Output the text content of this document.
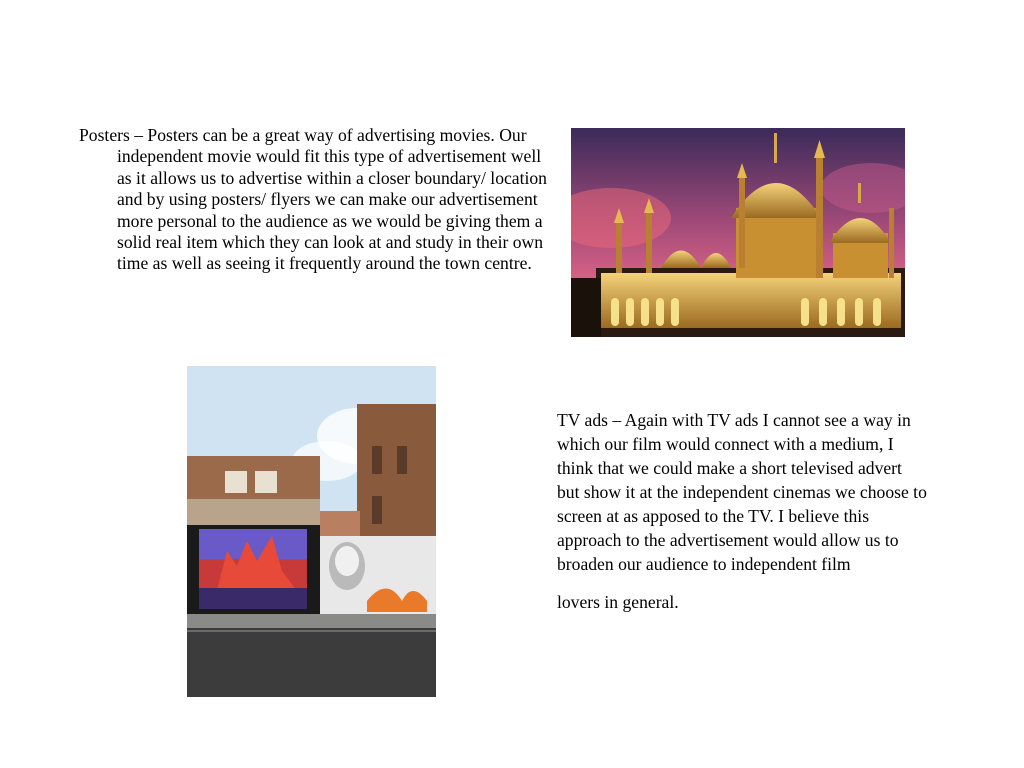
Posters – Posters can be a great way of advertising movies. Our independent movie would fit this type of advertisement well as it allows us to advertise within a closer boundary/ location and by using posters/ flyers we can make our advertisement more personal to the audience as we would be giving them a solid real item which they can look at and study in their own time as well as seeing it frequently around the town centre.

TV ads – Again with TV ads I cannot see a way in which our film would connect with a medium, I think that we could make a short televised advert but show it at the independent cinemas we choose to screen at as apposed to the TV. I believe this approach to the advertisement would allow us to broaden our audience to independent film
lovers in general.
